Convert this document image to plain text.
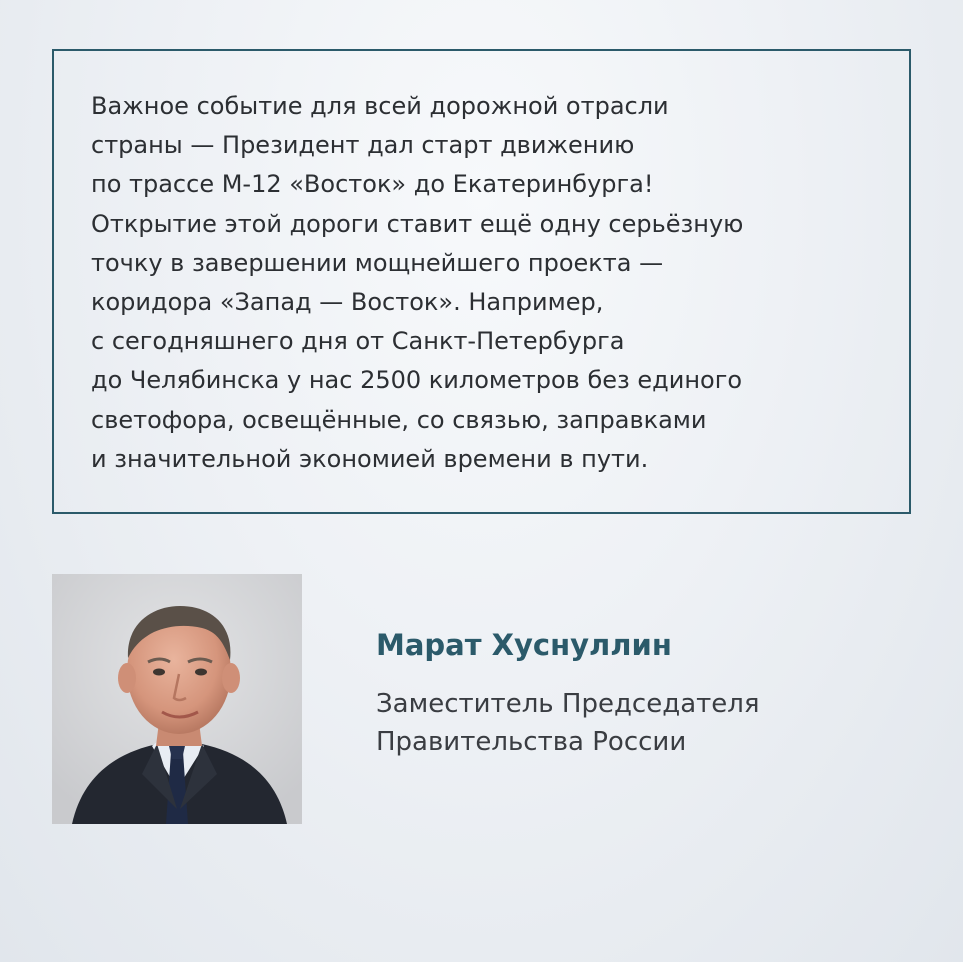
Важное событие для всей дорожной отрасли
страны — Президент дал старт движению
по трассе М-12 «Восток» до Екатеринбурга!
Открытие этой дороги ставит ещё одну серьёзную
точку в завершении мощнейшего проекта —
коридора «Запад — Восток». Например,
с сегодняшнего дня от Санкт-Петербурга
до Челябинска у нас 2500 километров без единого
светофора, освещённые, со связью, заправками
и значительной экономией времени в пути.

Марат Хуснуллин

Заместитель Председателя
Правительства России
